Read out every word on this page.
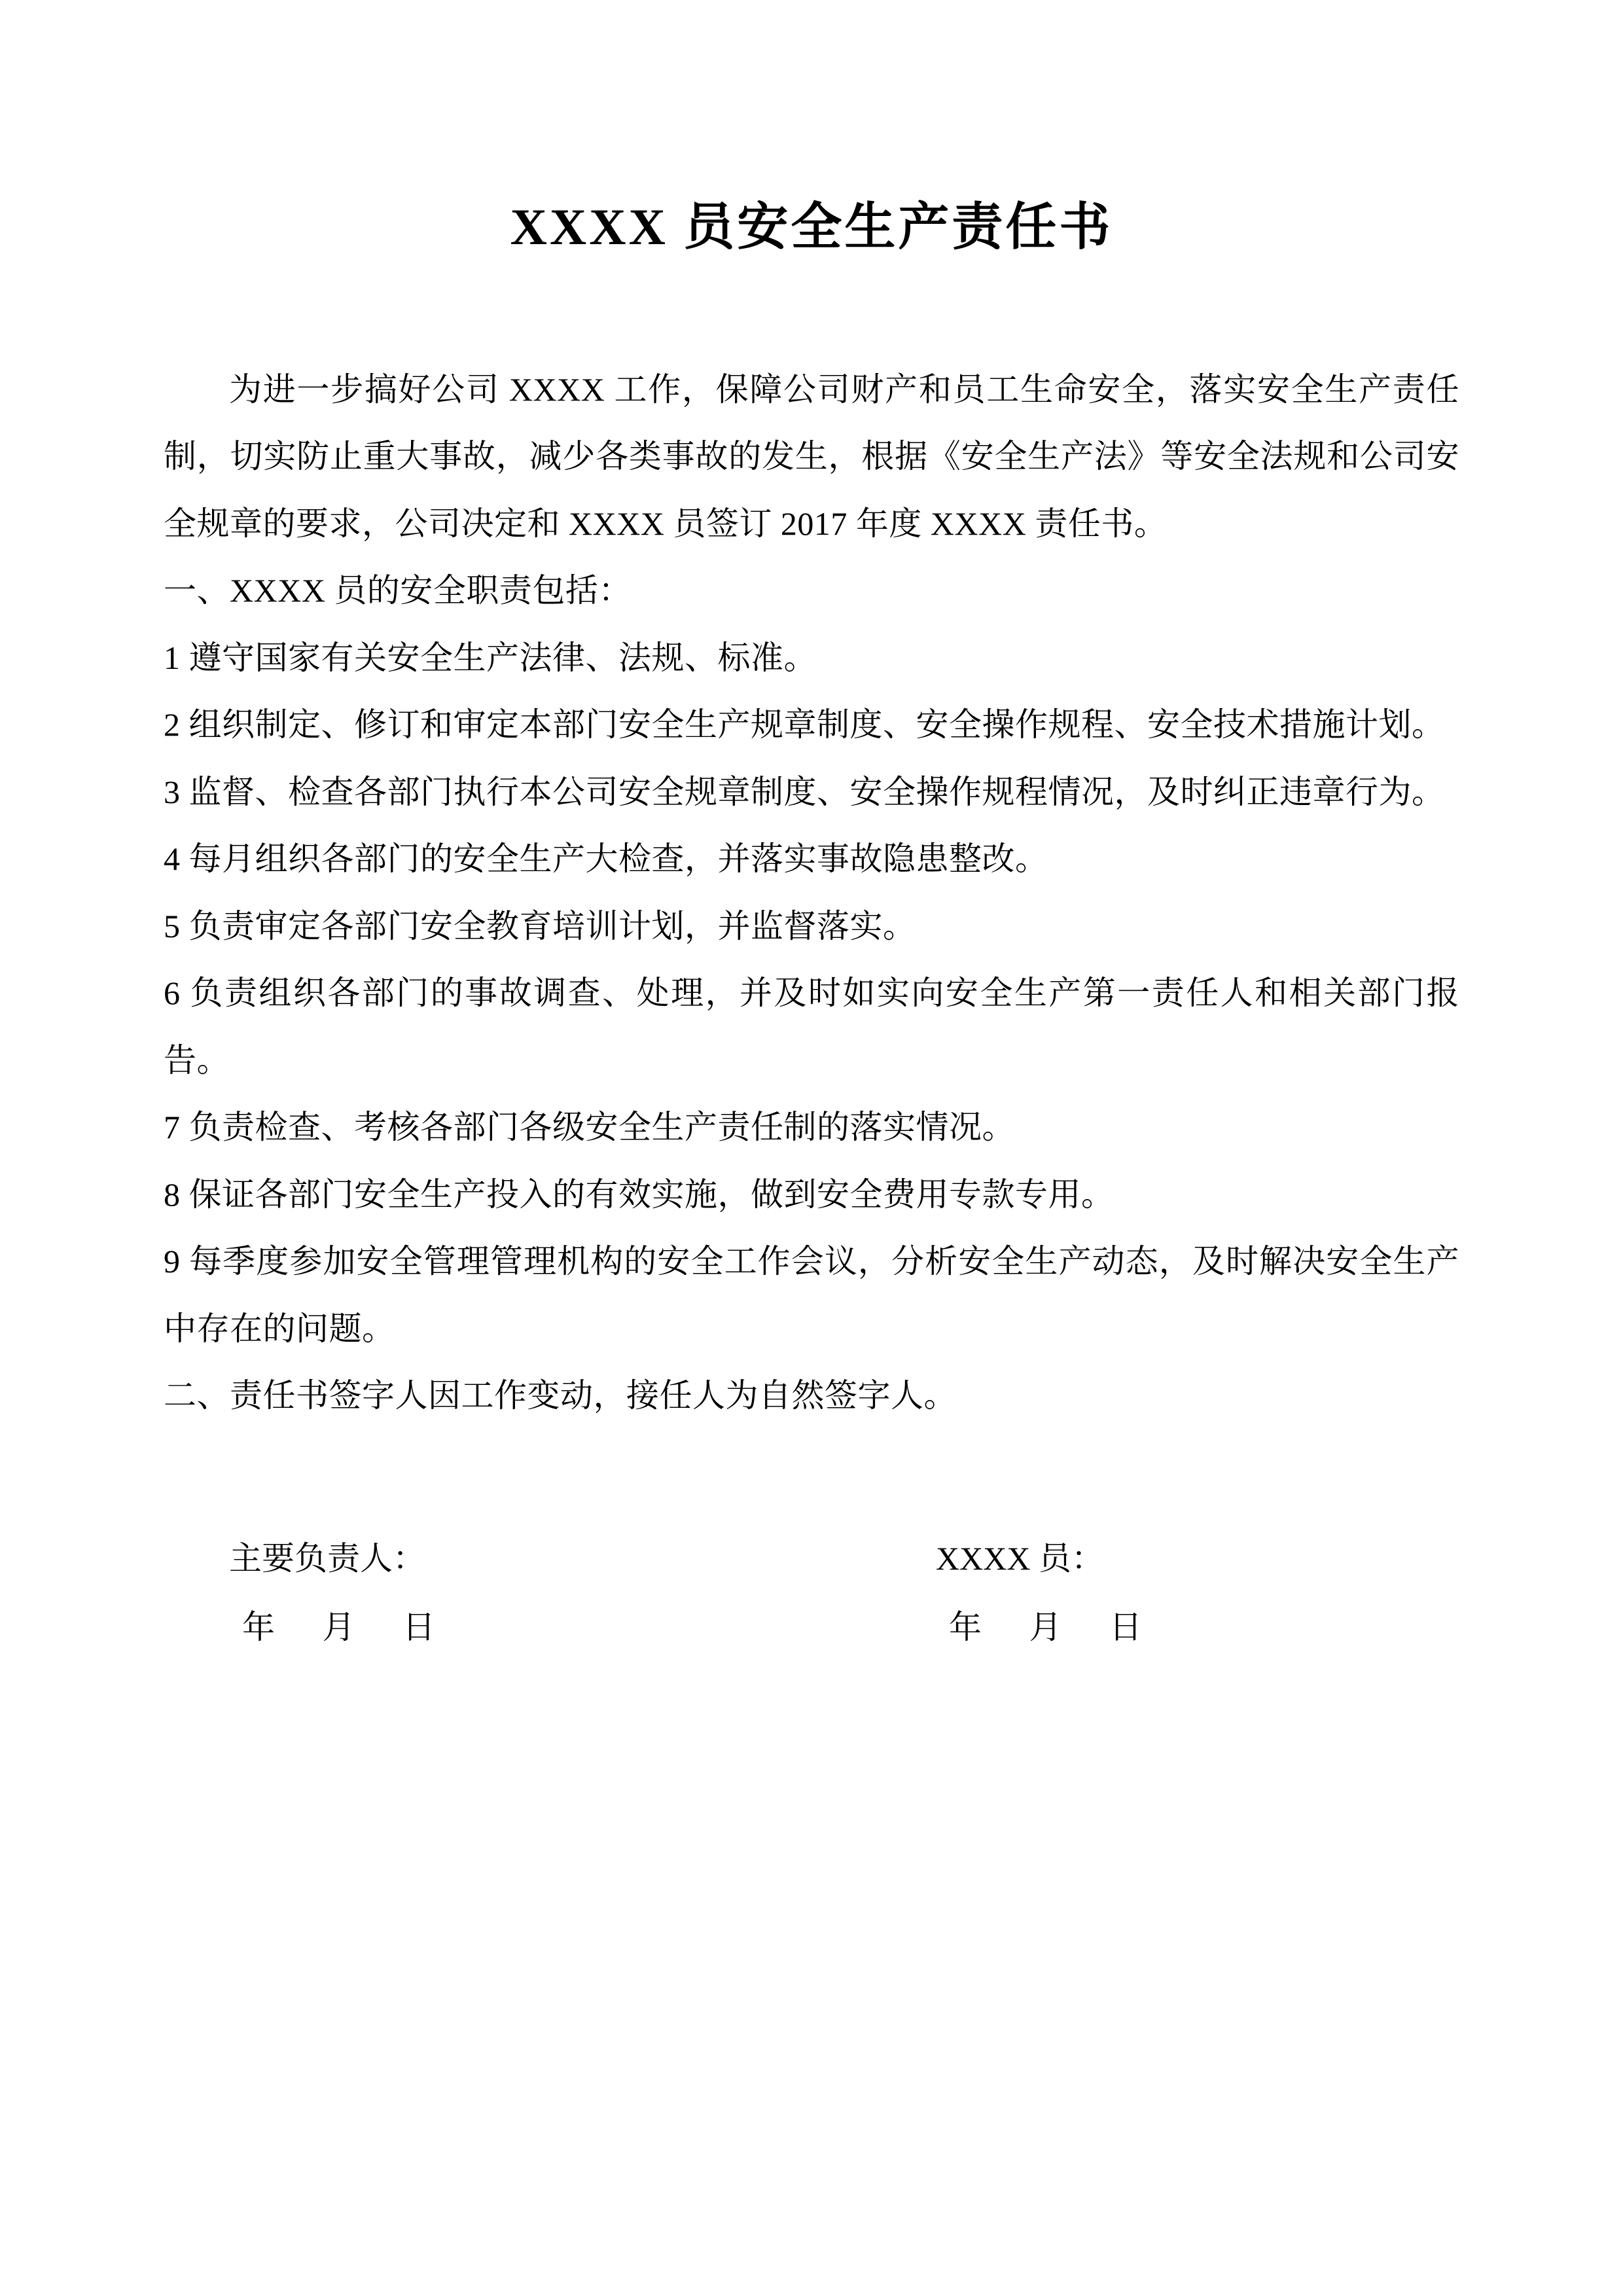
XXXX 员安全生产责任书

为进一步搞好公司 XXXX 工作，保障公司财产和员工生命安全，落实安全生产责任制，切实防止重大事故，减少各类事故的发生，根据《安全生产法》等安全法规和公司安全规章的要求，公司决定和 XXXX 员签订 2017 年度 XXXX 责任书。

一、XXXX 员的安全职责包括：

1 遵守国家有关安全生产法律、法规、标准。

2 组织制定、修订和审定本部门安全生产规章制度、安全操作规程、安全技术措施计划。

3 监督、检查各部门执行本公司安全规章制度、安全操作规程情况，及时纠正违章行为。

4 每月组织各部门的安全生产大检查，并落实事故隐患整改。

5 负责审定各部门安全教育培训计划，并监督落实。

6 负责组织各部门的事故调查、处理，并及时如实向安全生产第一责任人和相关部门报告。

7 负责检查、考核各部门各级安全生产责任制的落实情况。

8 保证各部门安全生产投入的有效实施，做到安全费用专款专用。

9 每季度参加安全管理管理机构的安全工作会议，分析安全生产动态，及时解决安全生产中存在的问题。

二、责任书签字人因工作变动，接任人为自然签字人。

主要负责人：	XXXX 员：
年 月 日	年 月 日
